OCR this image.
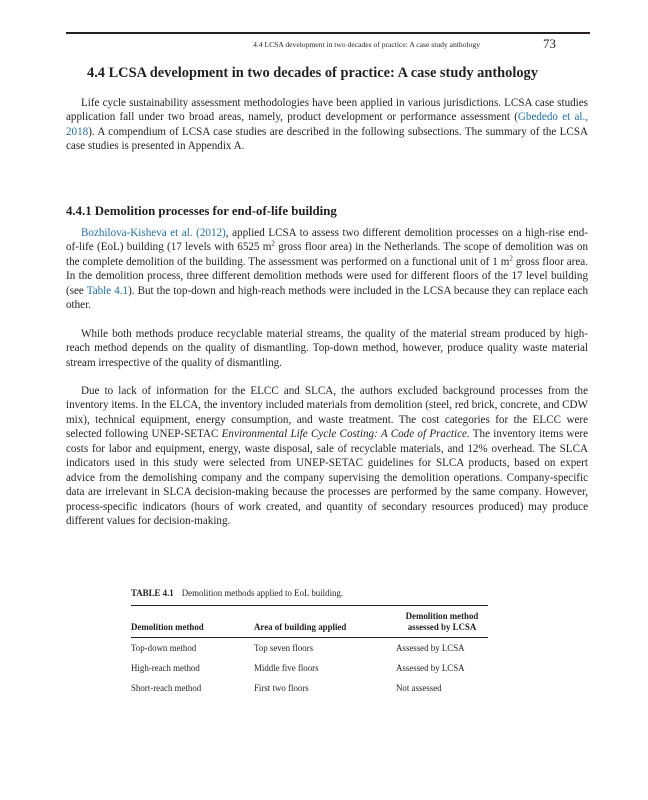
4.4 LCSA development in two decades of practice: A case study anthology	73
4.4 LCSA development in two decades of practice: A case study anthology

Life cycle sustainability assessment methodologies have been applied in various jurisdictions. LCSA case studies application fall under two broad areas, namely, product development or performance assessment (Gbededo et al., 2018). A compendium of LCSA case studies are described in the following subsections. The summary of the LCSA case studies is presented in Appendix A.

4.4.1 Demolition processes for end-of-life building

Bozhilova-Kisheva et al. (2012), applied LCSA to assess two different demolition processes on a high-rise end-of-life (EoL) building (17 levels with 6525 $m^2$ gross floor area) in the Netherlands. The scope of demolition was on the complete demolition of the building. The assessment was performed on a functional unit of 1 $m^2$ gross floor area. In the demolition process, three different demolition methods were used for different floors of the 17 level building (see Table 4.1). But the top-down and high-reach methods were included in the LCSA because they can replace each other.

While both methods produce recyclable material streams, the quality of the material stream produced by high-reach method depends on the quality of dismantling. Top-down method, however, produce quality waste material stream irrespective of the quality of dismantling.

Due to lack of information for the ELCC and SLCA, the authors excluded background processes from the inventory items. In the ELCA, the inventory included materials from demolition (steel, red brick, concrete, and CDW mix), technical equipment, energy consumption, and waste treatment. The cost categories for the ELCC were selected following UNEP-SETAC Environmental Life Cycle Costing: A Code of Practice. The inventory items were costs for labor and equipment, energy, waste disposal, sale of recyclable materials, and 12% overhead. The SLCA indicators used in this study were selected from UNEP-SETAC guidelines for SLCA products, based on expert advice from the demolishing company and the company supervising the demolition operations. Company-specific data are irrelevant in SLCA decision-making because the processes are performed by the same company. However, process-specific indicators (hours of work created, and quantity of secondary resources produced) may produce different values for decision-making.

TABLE 4.1 Demolition methods applied to EoL building.
Demolition method	Area of building applied	Demolition method assessed by LCSA
Top-down method	Top seven floors	Assessed by LCSA
High-reach method	Middle five floors	Assessed by LCSA
Short-reach method	First two floors	Not assessed
